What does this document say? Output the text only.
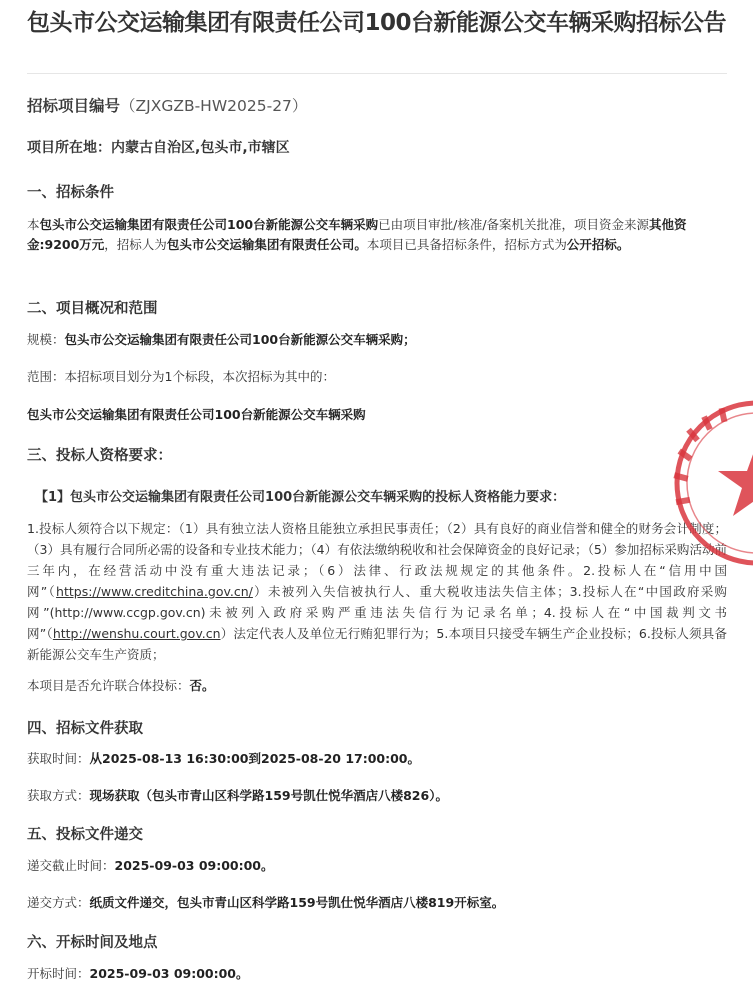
包头市公交运输集团有限责任公司100台新能源公交车辆采购招标公告
招标项目编号（ZJXGZB-HW2025-27）
项目所在地：内蒙古自治区,包头市,市辖区
一、招标条件
本包头市公交运输集团有限责任公司100台新能源公交车辆采购已由项目审批/核准/备案机关批准，项目资金来源其他资金:9200万元，招标人为包头市公交运输集团有限责任公司。本项目已具备招标条件，招标方式为公开招标。
二、项目概况和范围
规模：包头市公交运输集团有限责任公司100台新能源公交车辆采购；
范围：本招标项目划分为1个标段，本次招标为其中的：
包头市公交运输集团有限责任公司100台新能源公交车辆采购
三、投标人资格要求：
【1】包头市公交运输集团有限责任公司100台新能源公交车辆采购的投标人资格能力要求：
1.投标人须符合以下规定：（1）具有独立法人资格且能独立承担民事责任；（2）具有良好的商业信誉和健全的财务会计制度；（3）具有履行合同所必需的设备和专业技术能力；（4）有依法缴纳税收和社会保障资金的良好记录；（5）参加招标采购活动前三年内，在经营活动中没有重大违法记录；（6）法律、行政法规规定的其他条件。2.投标人在“信用中国网”（https://www.creditchina.gov.cn/）未被列入失信被执行人、重大税收违法失信主体；3.投标人在“中国政府采购网”(http://www.ccgp.gov.cn)未被列入政府采购严重违法失信行为记录名单；4.投标人在“中国裁判文书网”（http://wenshu.court.gov.cn）法定代表人及单位无行贿犯罪行为；5.本项目只接受车辆生产企业投标；6.投标人须具备新能源公交车生产资质；
本项目是否允许联合体投标：否。
四、招标文件获取
获取时间：从2025-08-13 16:30:00到2025-08-20 17:00:00。
获取方式：现场获取（包头市青山区科学路159号凯仕悦华酒店八楼826）。
五、投标文件递交
递交截止时间：2025-09-03 09:00:00。
递交方式：纸质文件递交，包头市青山区科学路159号凯仕悦华酒店八楼819开标室。
六、开标时间及地点
开标时间：2025-09-03 09:00:00。
